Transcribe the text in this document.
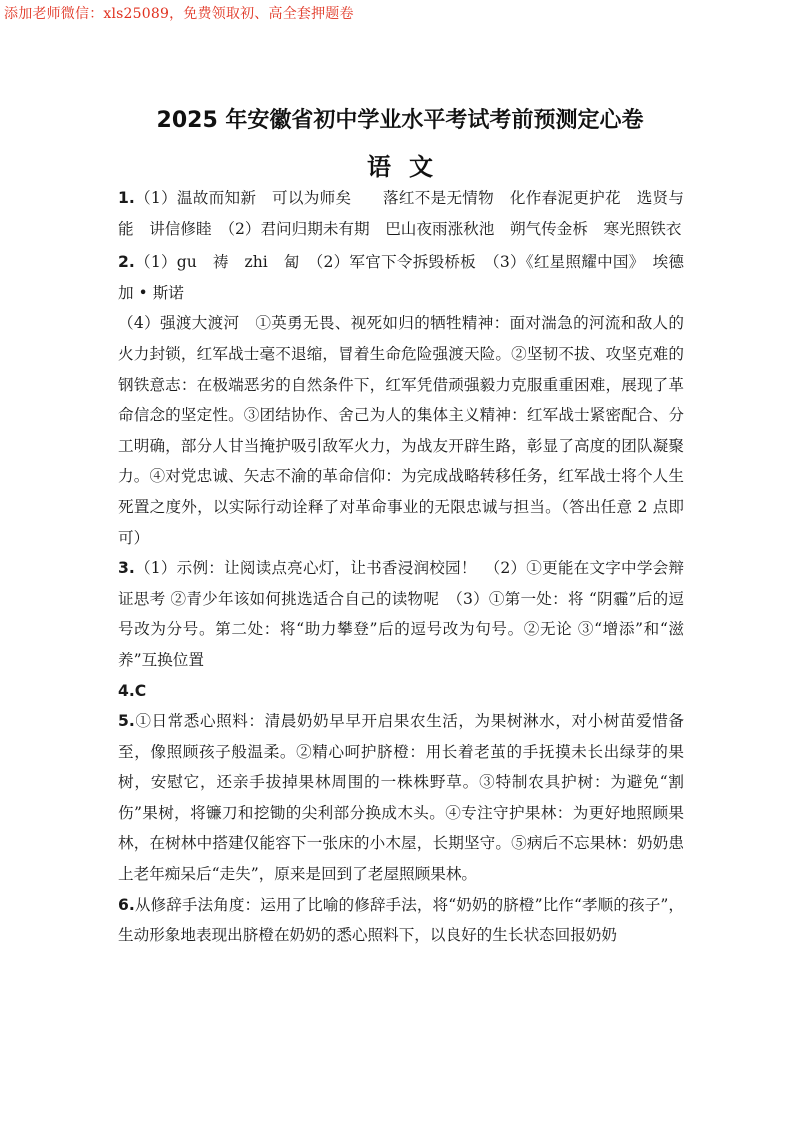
添加老师微信：xls25089，免费领取初、高全套押题卷
2025 年安徽省初中学业水平考试考前预测定心卷
语文

1.（1）温故而知新　可以为师矣　　落红不是无情物　化作春泥更护花　选贤与能　讲信修睦　（2）君问归期未有期　巴山夜雨涨秋池　朔气传金柝　寒光照铁衣

2.（1）gu　祷　zhi　匐　（2）军官下令拆毁桥板　（3）《红星照耀中国》　埃德加 • 斯诺

（4）强渡大渡河　①英勇无畏、视死如归的牺牲精神：面对湍急的河流和敌人的火力封锁，红军战士毫不退缩，冒着生命危险强渡天险。②坚韧不拔、攻坚克难的钢铁意志：在极端恶劣的自然条件下，红军凭借顽强毅力克服重重困难，展现了革命信念的坚定性。③团结协作、舍己为人的集体主义精神：红军战士紧密配合、分工明确，部分人甘当掩护吸引敌军火力，为战友开辟生路，彰显了高度的团队凝聚力。④对党忠诚、矢志不渝的革命信仰：为完成战略转移任务，红军战士将个人生死置之度外，以实际行动诠释了对革命事业的无限忠诚与担当。（答出任意 2 点即可）

3.（1）示例：让阅读点亮心灯，让书香浸润校园！　（2）①更能在文字中学会辩证思考 ②青少年该如何挑选适合自己的读物呢　（3）①第一处：将 “阴霾”后的逗号改为分号。第二处：将“助力攀登”后的逗号改为句号。②无论 ③“增添”和“滋养”互换位置

4.C

5.①日常悉心照料：清晨奶奶早早开启果农生活，为果树淋水，对小树苗爱惜备至，像照顾孩子般温柔。②精心呵护脐橙：用长着老茧的手抚摸未长出绿芽的果树，安慰它，还亲手拔掉果林周围的一株株野草。③特制农具护树：为避免“割伤”果树，将镰刀和挖锄的尖利部分换成木头。④专注守护果林：为更好地照顾果林，在树林中搭建仅能容下一张床的小木屋，长期坚守。⑤病后不忘果林：奶奶患上老年痴呆后“走失”，原来是回到了老屋照顾果林。

6.从修辞手法角度：运用了比喻的修辞手法，将“奶奶的脐橙”比作“孝顺的孩子”，生动形象地表现出脐橙在奶奶的悉心照料下，以良好的生长状态回报奶奶
